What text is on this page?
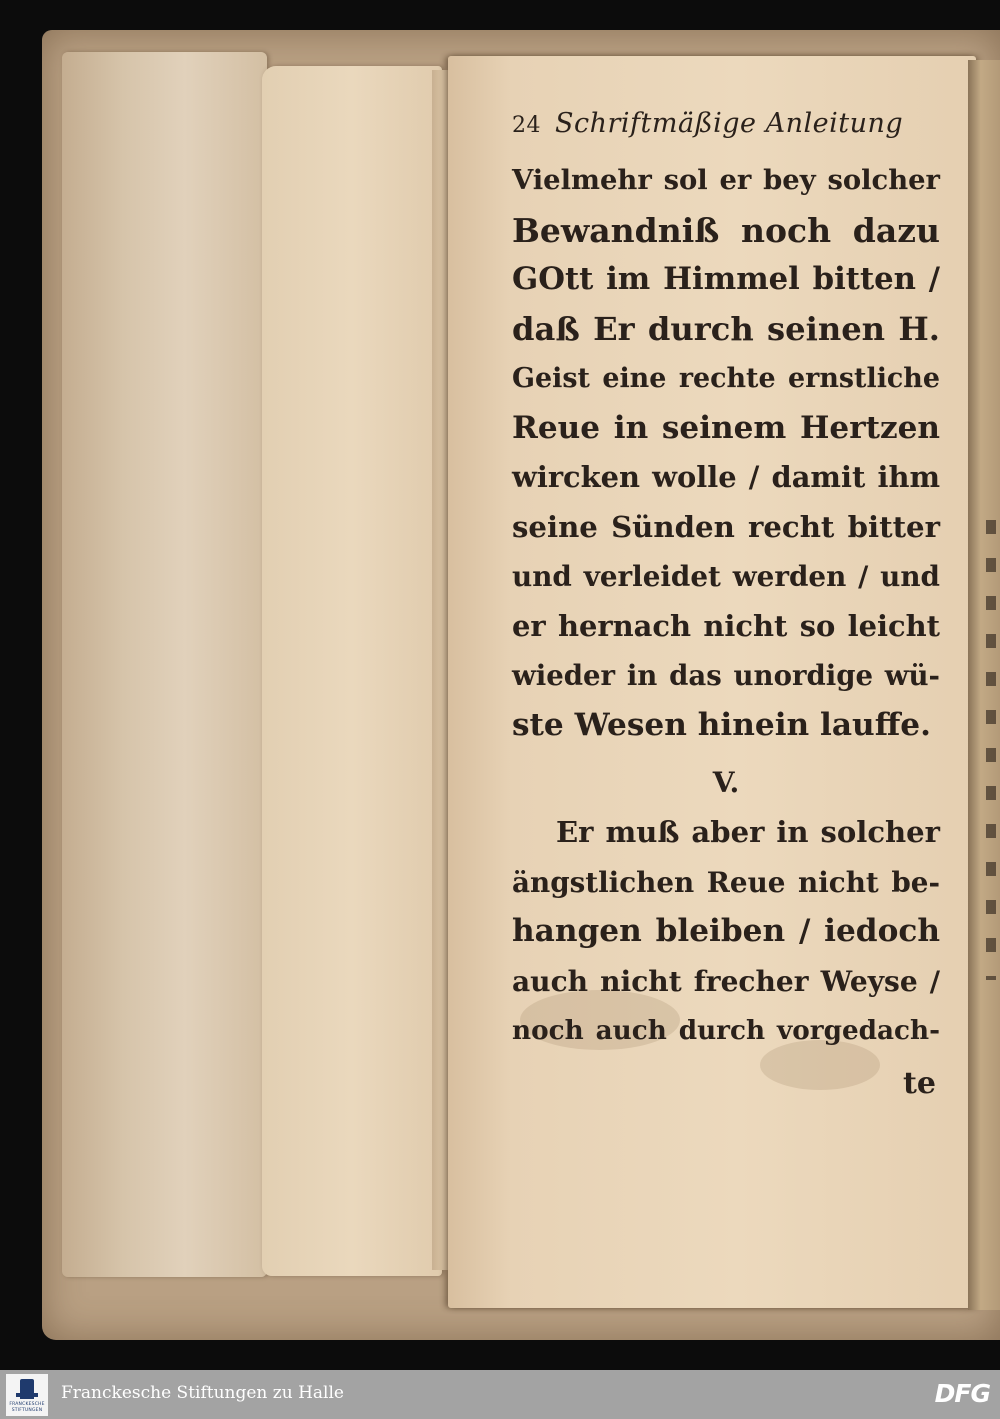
24 Schriftmäßige Anleitung
Vielmehr sol er bey solcher
Bewandniß noch dazu
GOtt im Himmel bitten /
daß Er durch seinen H.
Geist eine rechte ernstliche
Reue in seinem Hertzen
wircken wolle / damit ihm
seine Sünden recht bitter
und verleidet werden / und
er hernach nicht so leicht
wieder in das unordige wü-
ste Wesen hinein lauffe.
V.
Er muß aber in solcher
ängstlichen Reue nicht be-
hangen bleiben / iedoch
auch nicht frecher Weyse /
noch auch durch vorgedach-
te
FRANCKESCHE
STIFTUNGEN
Franckesche Stiftungen zu Halle	DFG
